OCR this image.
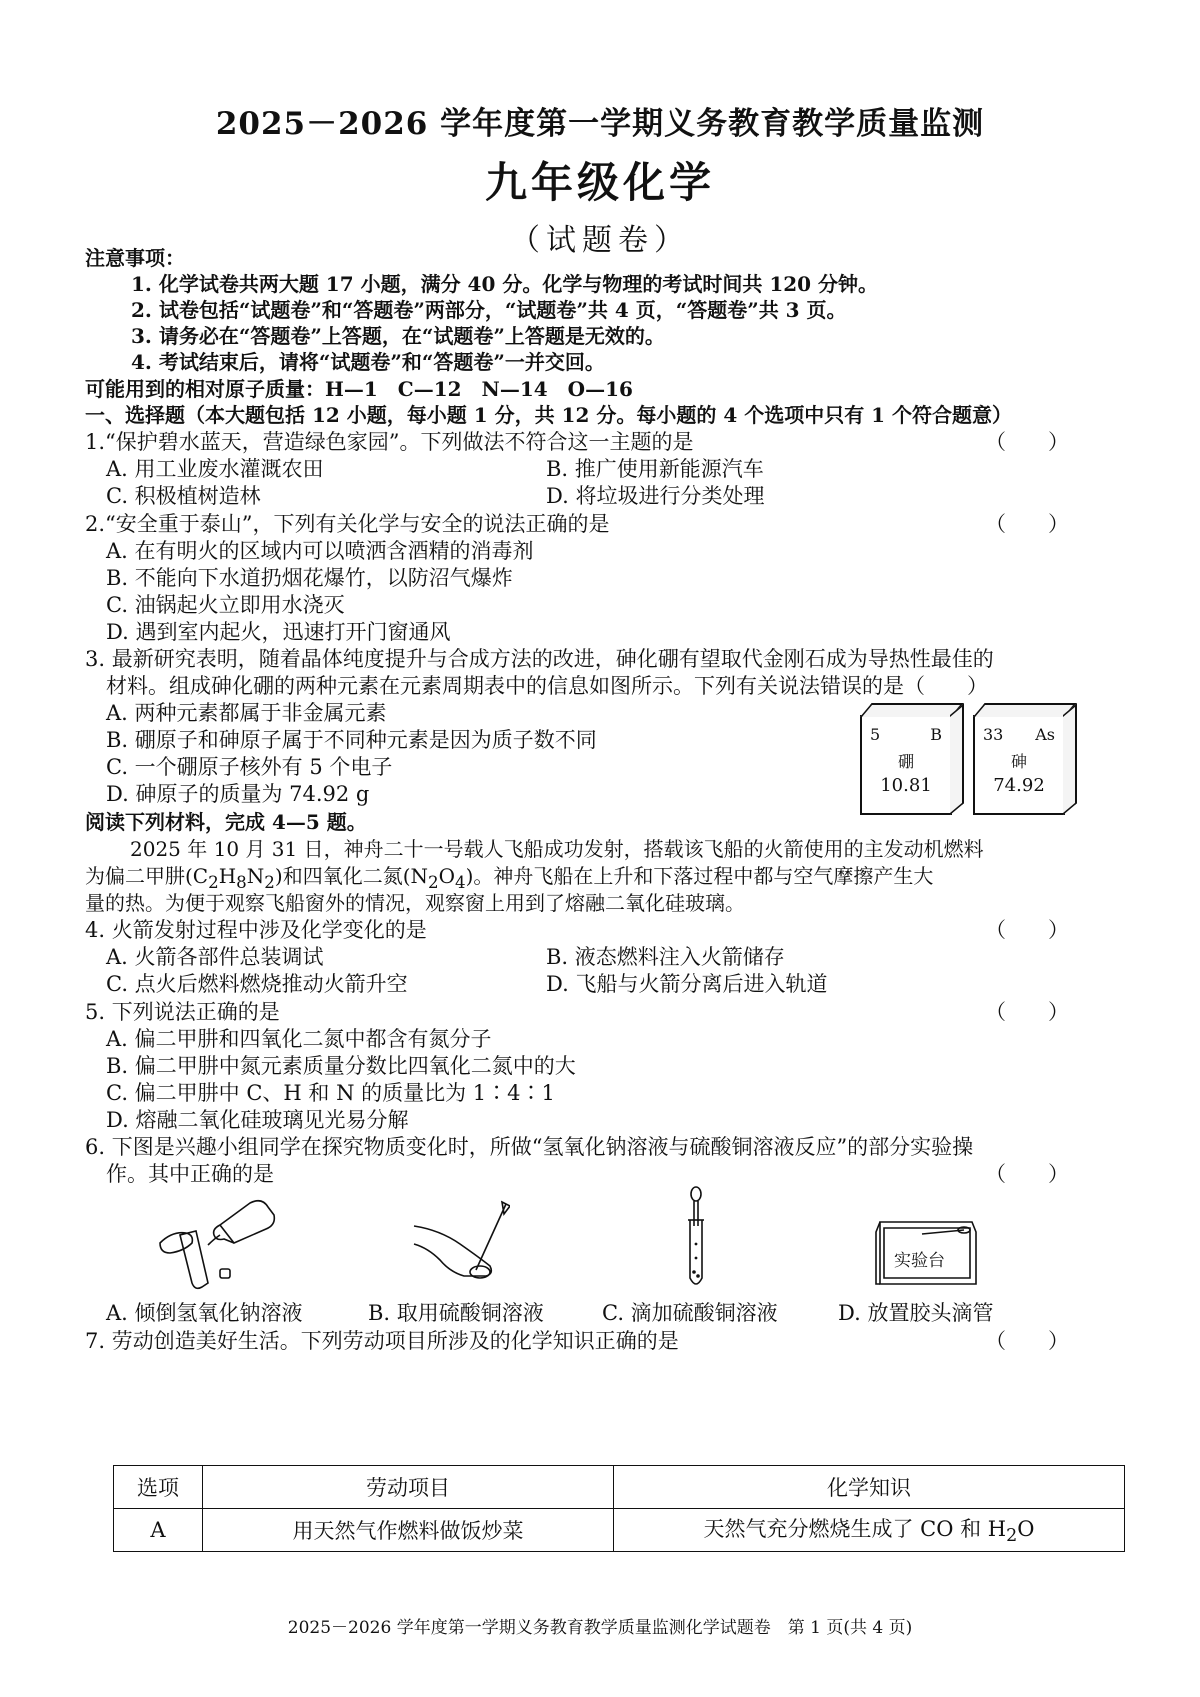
2025－2026 学年度第一学期义务教育教学质量监测
九年级化学
（试题卷）
注意事项：
1. 化学试卷共两大题 17 小题，满分 40 分。化学与物理的考试时间共 120 分钟。
2. 试卷包括“试题卷”和“答题卷”两部分，“试题卷”共 4 页，“答题卷”共 3 页。
3. 请务必在“答题卷”上答题，在“试题卷”上答题是无效的。
4. 考试结束后，请将“试题卷”和“答题卷”一并交回。
可能用到的相对原子质量：H—1　C—12　N—14　O—16
一、选择题（本大题包括 12 小题，每小题 1 分，共 12 分。每小题的 4 个选项中只有 1 个符合题意）
1.“保护碧水蓝天，营造绿色家园”。下列做法不符合这一主题的是	（　　）
A. 用工业废水灌溉农田	B. 推广使用新能源汽车
C. 积极植树造林	D. 将垃圾进行分类处理
2.“安全重于泰山”，下列有关化学与安全的说法正确的是	（　　）
A. 在有明火的区域内可以喷洒含酒精的消毒剂
B. 不能向下水道扔烟花爆竹，以防沼气爆炸
C. 油锅起火立即用水浇灭
D. 遇到室内起火，迅速打开门窗通风
3. 最新研究表明，随着晶体纯度提升与合成方法的改进，砷化硼有望取代金刚石成为导热性最佳的
材料。组成砷化硼的两种元素在元素周期表中的信息如图所示。下列有关说法错误的是（　　）
A. 两种元素都属于非金属元素
B. 硼原子和砷原子属于不同种元素是因为质子数不同
C. 一个硼原子核外有 5 个电子
D. 砷原子的质量为 74.92 g
5	B
硼
10.81
33 As
砷
74.92
阅读下列材料，完成 4—5 题。
2025 年 10 月 31 日，神舟二十一号载人飞船成功发射，搭载该飞船的火箭使用的主发动机燃料
为偏二甲肼$(C_2H_8N_2)$和四氧化二氮$(N_2O_4)$。神舟飞船在上升和下落过程中都与空气摩擦产生大
量的热。为便于观察飞船窗外的情况，观察窗上用到了熔融二氧化硅玻璃。
4. 火箭发射过程中涉及化学变化的是	（　　）
A. 火箭各部件总装调试	B. 液态燃料注入火箭储存
C. 点火后燃料燃烧推动火箭升空	D. 飞船与火箭分离后进入轨道
5. 下列说法正确的是	（　　）
A. 偏二甲肼和四氧化二氮中都含有氮分子
B. 偏二甲肼中氮元素质量分数比四氧化二氮中的大
C. 偏二甲肼中 C、H 和 N 的质量比为 1∶4∶1
D. 熔融二氧化硅玻璃见光易分解
6. 下图是兴趣小组同学在探究物质变化时，所做“氢氧化钠溶液与硫酸铜溶液反应”的部分实验操
作。其中正确的是	（　　）
实验台
A. 倾倒氢氧化钠溶液	B. 取用硫酸铜溶液	C. 滴加硫酸铜溶液	D. 放置胶头滴管
7. 劳动创造美好生活。下列劳动项目所涉及的化学知识正确的是	（　　）
选项	劳动项目	化学知识
A	用天然气作燃料做饭炒菜	天然气充分燃烧生成了 CO 和 $H_2O$
2025－2026 学年度第一学期义务教育教学质量监测化学试题卷　第 1 页(共 4 页)
